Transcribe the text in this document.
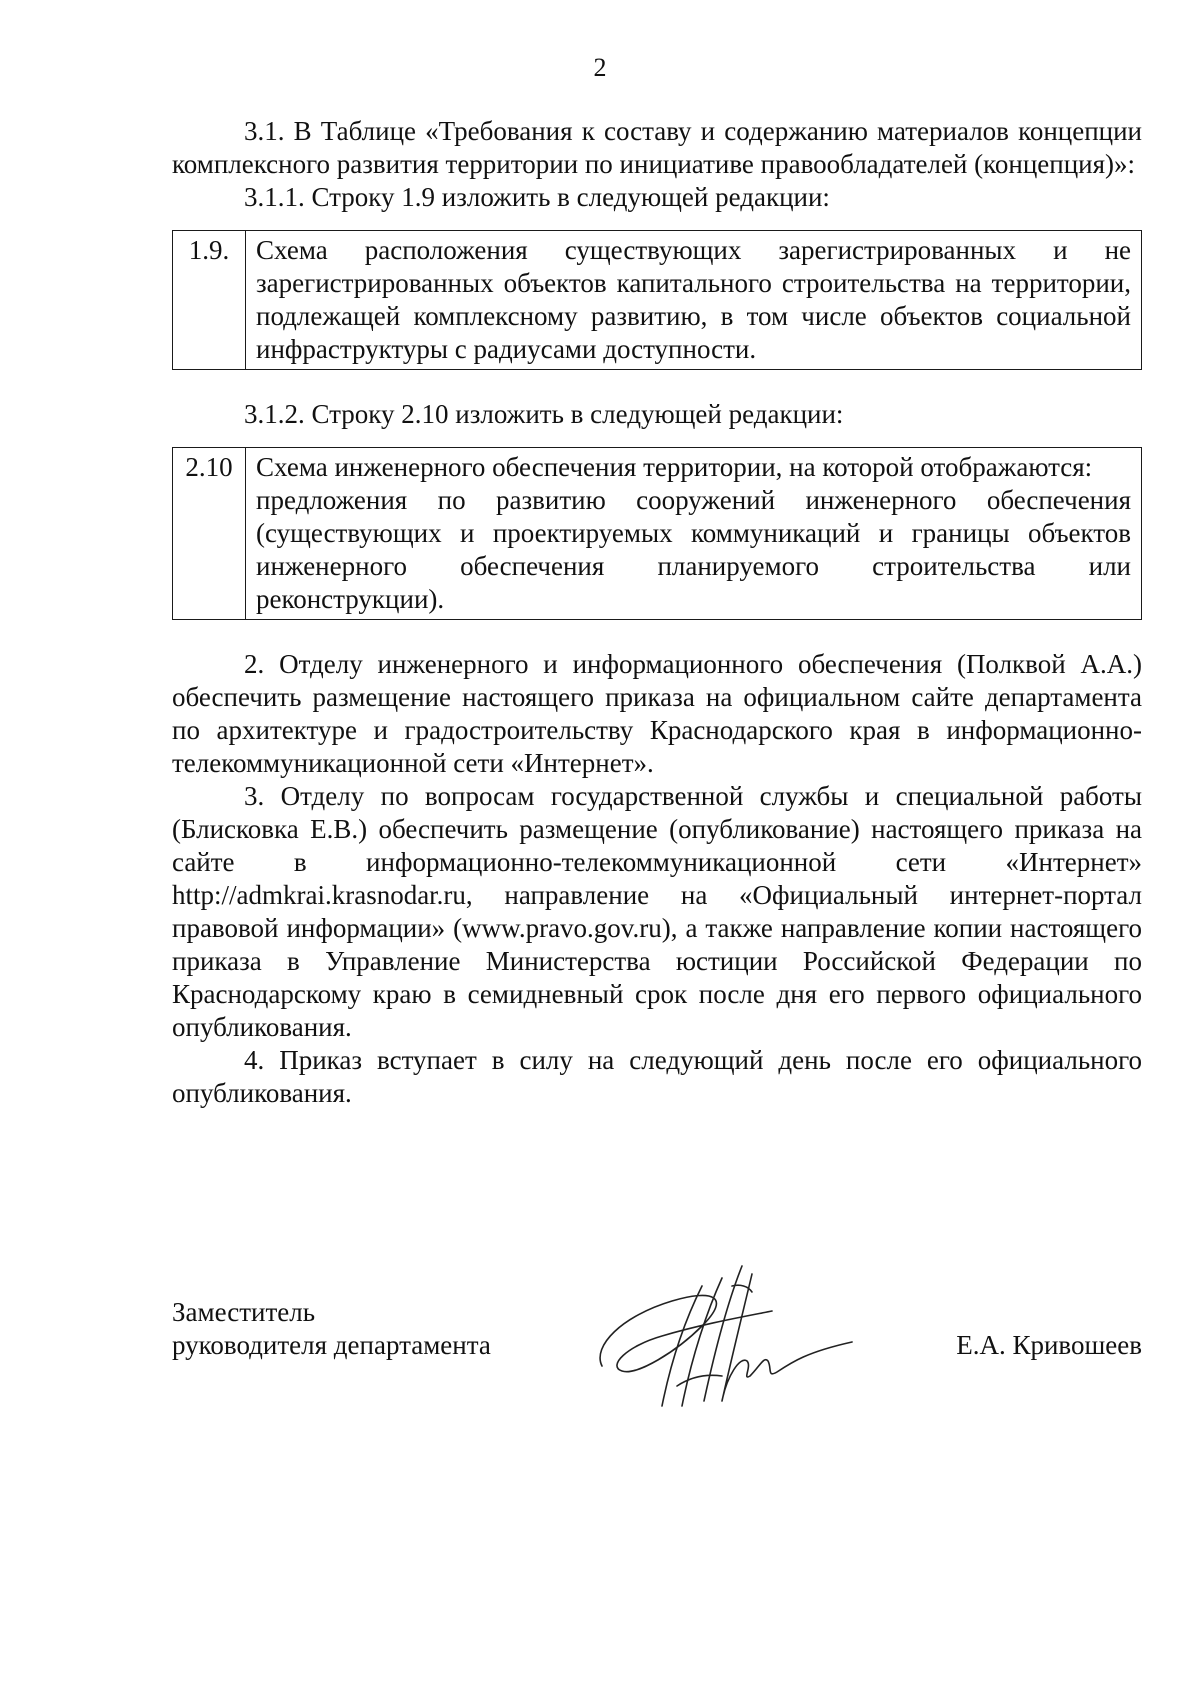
2

3.1. В Таблице «Требования к составу и содержанию материалов концепции комплексного развития территории по инициативе правообладателей (концепция)»:

3.1.1. Строку 1.9 изложить в следующей редакции:

1.9.	Схема расположения существующих зарегистрированных и не зарегистрированных объектов капитального строительства на территории, подлежащей комплексному развитию, в том числе объектов социальной инфраструктуры с радиусами доступности.

3.1.2. Строку 2.10 изложить в следующей редакции:

2.10	Схема инженерного обеспечения территории, на которой отображаются:
предложения по развитию сооружений инженерного обеспечения (существующих и проектируемых коммуникаций и границы объектов инженерного обеспечения планируемого строительства или реконструкции).

2. Отделу инженерного и информационного обеспечения (Полквой А.А.) обеспечить размещение настоящего приказа на официальном сайте департамента по архитектуре и градостроительству Краснодарского края в информационно-телекоммуникационной сети «Интернет».

3. Отделу по вопросам государственной службы и специальной работы (Блисковка Е.В.) обеспечить размещение (опубликование) настоящего приказа на сайте в информационно-телекоммуникационной сети «Интернет» http://admkrai.krasnodar.ru, направление на «Официальный интернет-портал правовой информации» (www.pravo.gov.ru), а также направление копии настоящего приказа в Управление Министерства юстиции Российской Федерации по Краснодарскому краю в семидневный срок после дня его первого официального опубликования.

4. Приказ вступает в силу на следующий день после его официального опубликования.

Заместитель
руководителя департамента	Е.А. Кривошеев
